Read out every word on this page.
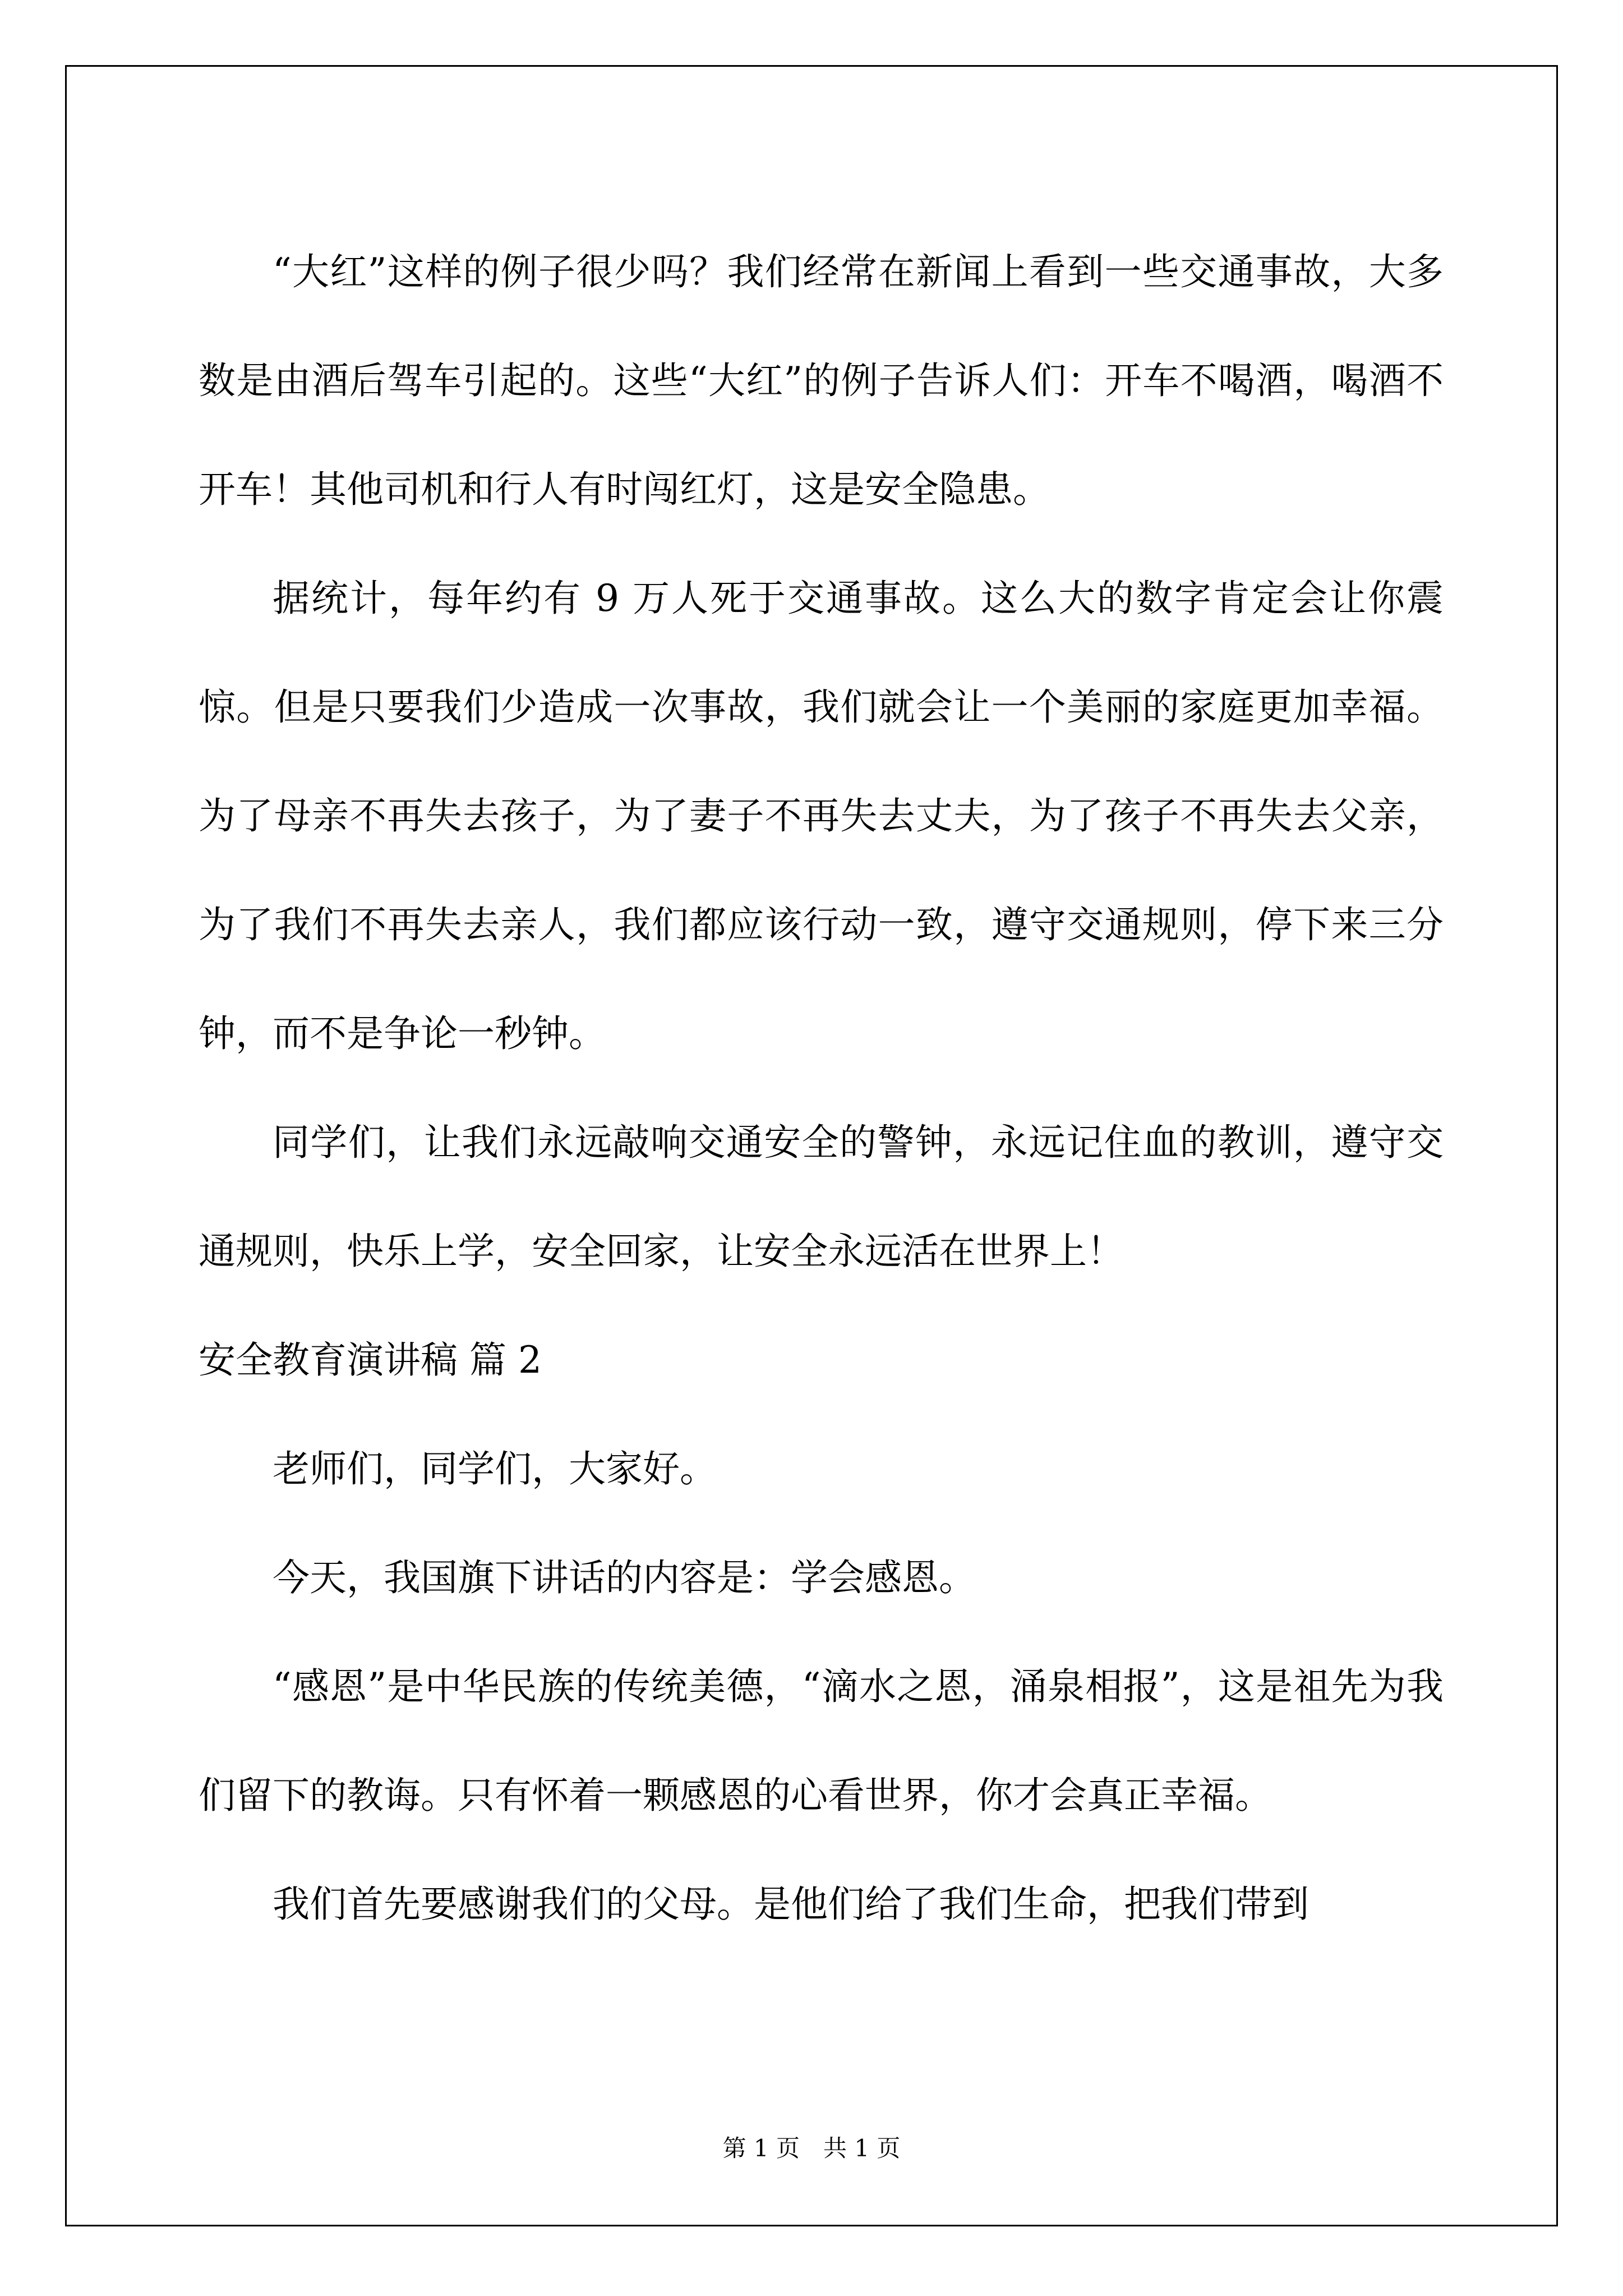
“大红”这样的例子很少吗？我们经常在新闻上看到一些交通事故，大多数是由酒后驾车引起的。这些“大红”的例子告诉人们：开车不喝酒，喝酒不开车！其他司机和行人有时闯红灯，这是安全隐患。

据统计，每年约有 9 万人死于交通事故。这么大的数字肯定会让你震惊。但是只要我们少造成一次事故，我们就会让一个美丽的家庭更加幸福。为了母亲不再失去孩子，为了妻子不再失去丈夫，为了孩子不再失去父亲，为了我们不再失去亲人，我们都应该行动一致，遵守交通规则，停下来三分钟，而不是争论一秒钟。

同学们，让我们永远敲响交通安全的警钟，永远记住血的教训，遵守交通规则，快乐上学，安全回家，让安全永远活在世界上！

安全教育演讲稿 篇 2

老师们，同学们，大家好。

今天，我国旗下讲话的内容是：学会感恩。

“感恩”是中华民族的传统美德，“滴水之恩，涌泉相报”，这是祖先为我们留下的教诲。只有怀着一颗感恩的心看世界，你才会真正幸福。

我们首先要感谢我们的父母。是他们给了我们生命，把我们带到

第 1 页　共 1 页
